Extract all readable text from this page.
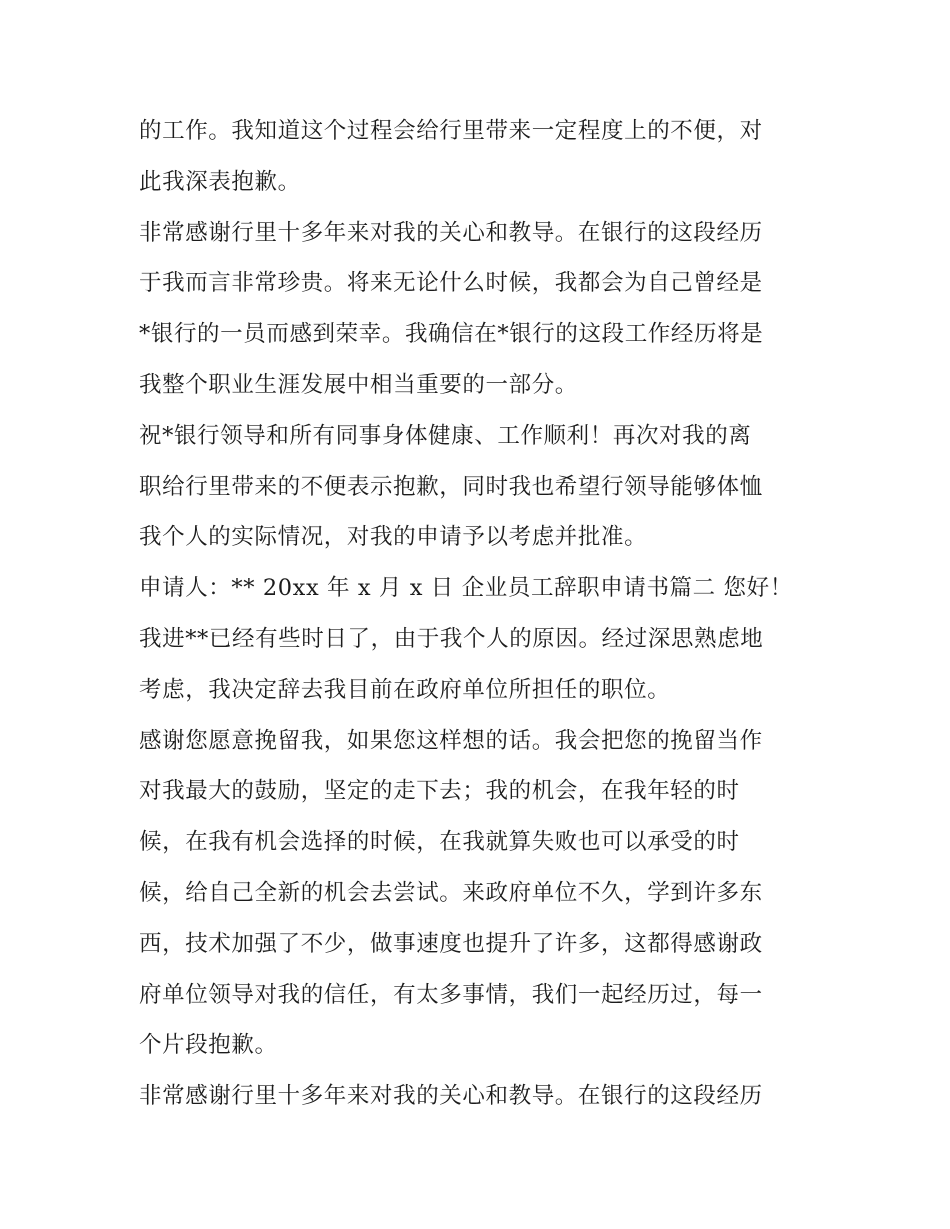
的工作。我知道这个过程会给行里带来一定程度上的不便，对
此我深表抱歉。
非常感谢行里十多年来对我的关心和教导。在银行的这段经历
于我而言非常珍贵。将来无论什么时候，我都会为自己曾经是
*银行的一员而感到荣幸。我确信在*银行的这段工作经历将是
我整个职业生涯发展中相当重要的一部分。
祝*银行领导和所有同事身体健康、工作顺利！再次对我的离
职给行里带来的不便表示抱歉，同时我也希望行领导能够体恤
我个人的实际情况，对我的申请予以考虑并批准。
申请人：** 20xx 年 x 月 x 日 企业员工辞职申请书篇二 您好！
我进**已经有些时日了，由于我个人的原因。经过深思熟虑地
考虑，我决定辞去我目前在政府单位所担任的职位。
感谢您愿意挽留我，如果您这样想的话。我会把您的挽留当作
对我最大的鼓励，坚定的走下去；我的机会，在我年轻的时
候，在我有机会选择的时候，在我就算失败也可以承受的时
候，给自己全新的机会去尝试。来政府单位不久，学到许多东
西，技术加强了不少，做事速度也提升了许多，这都得感谢政
府单位领导对我的信任，有太多事情，我们一起经历过，每一
个片段抱歉。
非常感谢行里十多年来对我的关心和教导。在银行的这段经历
